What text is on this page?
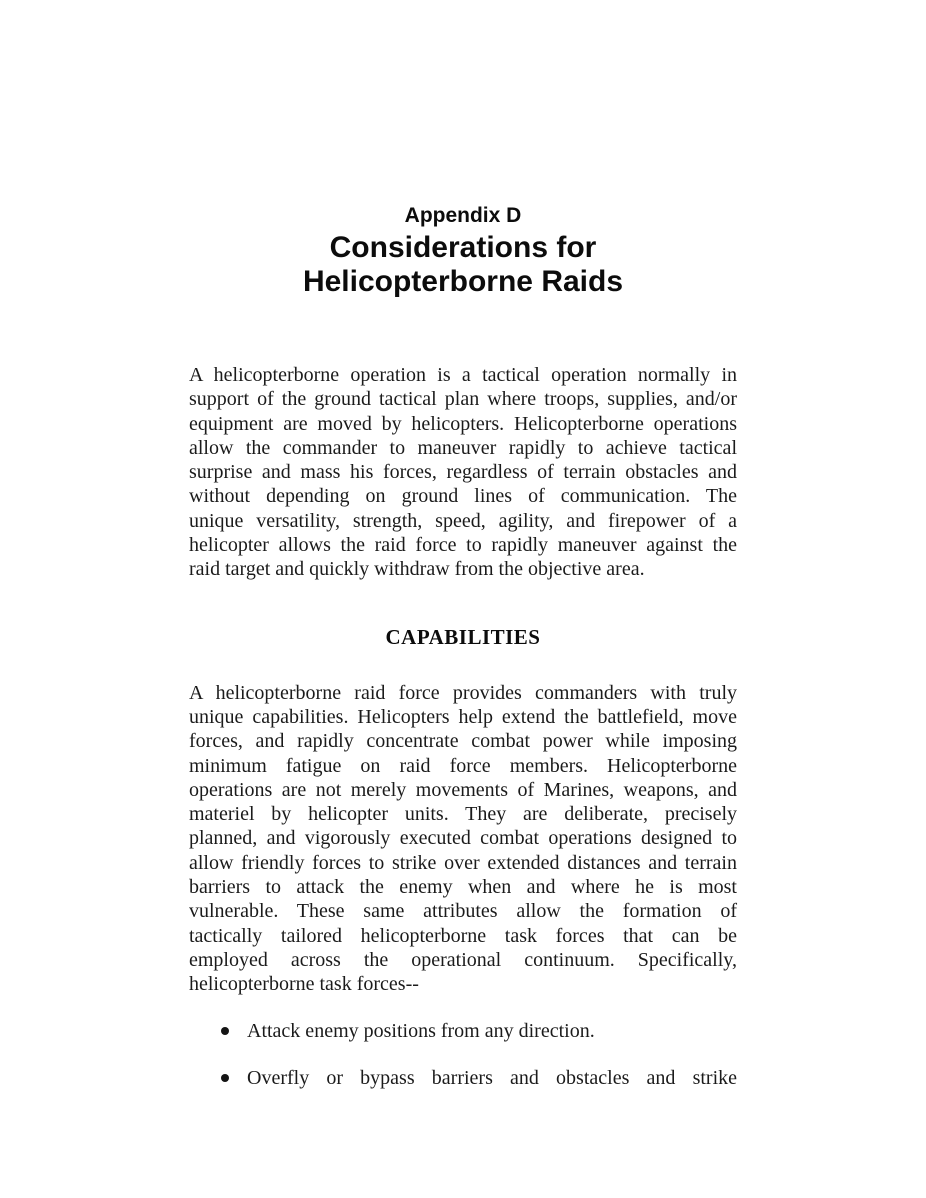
Appendix D
Considerations for
Helicopterborne Raids
A helicopterborne operation is a tactical operation normally in
support of the ground tactical plan where troops, supplies, and/or
equipment are moved by helicopters. Helicopterborne operations
allow the commander to maneuver rapidly to achieve tactical
surprise and mass his forces, regardless of terrain obstacles and
without depending on ground lines of communication. The
unique versatility, strength, speed, agility, and firepower of a
helicopter allows the raid force to rapidly maneuver against the
raid target and quickly withdraw from the objective area.
CAPABILITIES
A helicopterborne raid force provides commanders with truly
unique capabilities. Helicopters help extend the battlefield, move
forces, and rapidly concentrate combat power while imposing
minimum fatigue on raid force members. Helicopterborne
operations are not merely movements of Marines, weapons, and
materiel by helicopter units. They are deliberate, precisely
planned, and vigorously executed combat operations designed to
allow friendly forces to strike over extended distances and terrain
barriers to attack the enemy when and where he is most
vulnerable. These same attributes allow the formation of
tactically tailored helicopterborne task forces that can be
employed across the operational continuum. Specifically,
helicopterborne task forces--
Attack enemy positions from any direction.
Overfly or bypass barriers and obstacles and strike
